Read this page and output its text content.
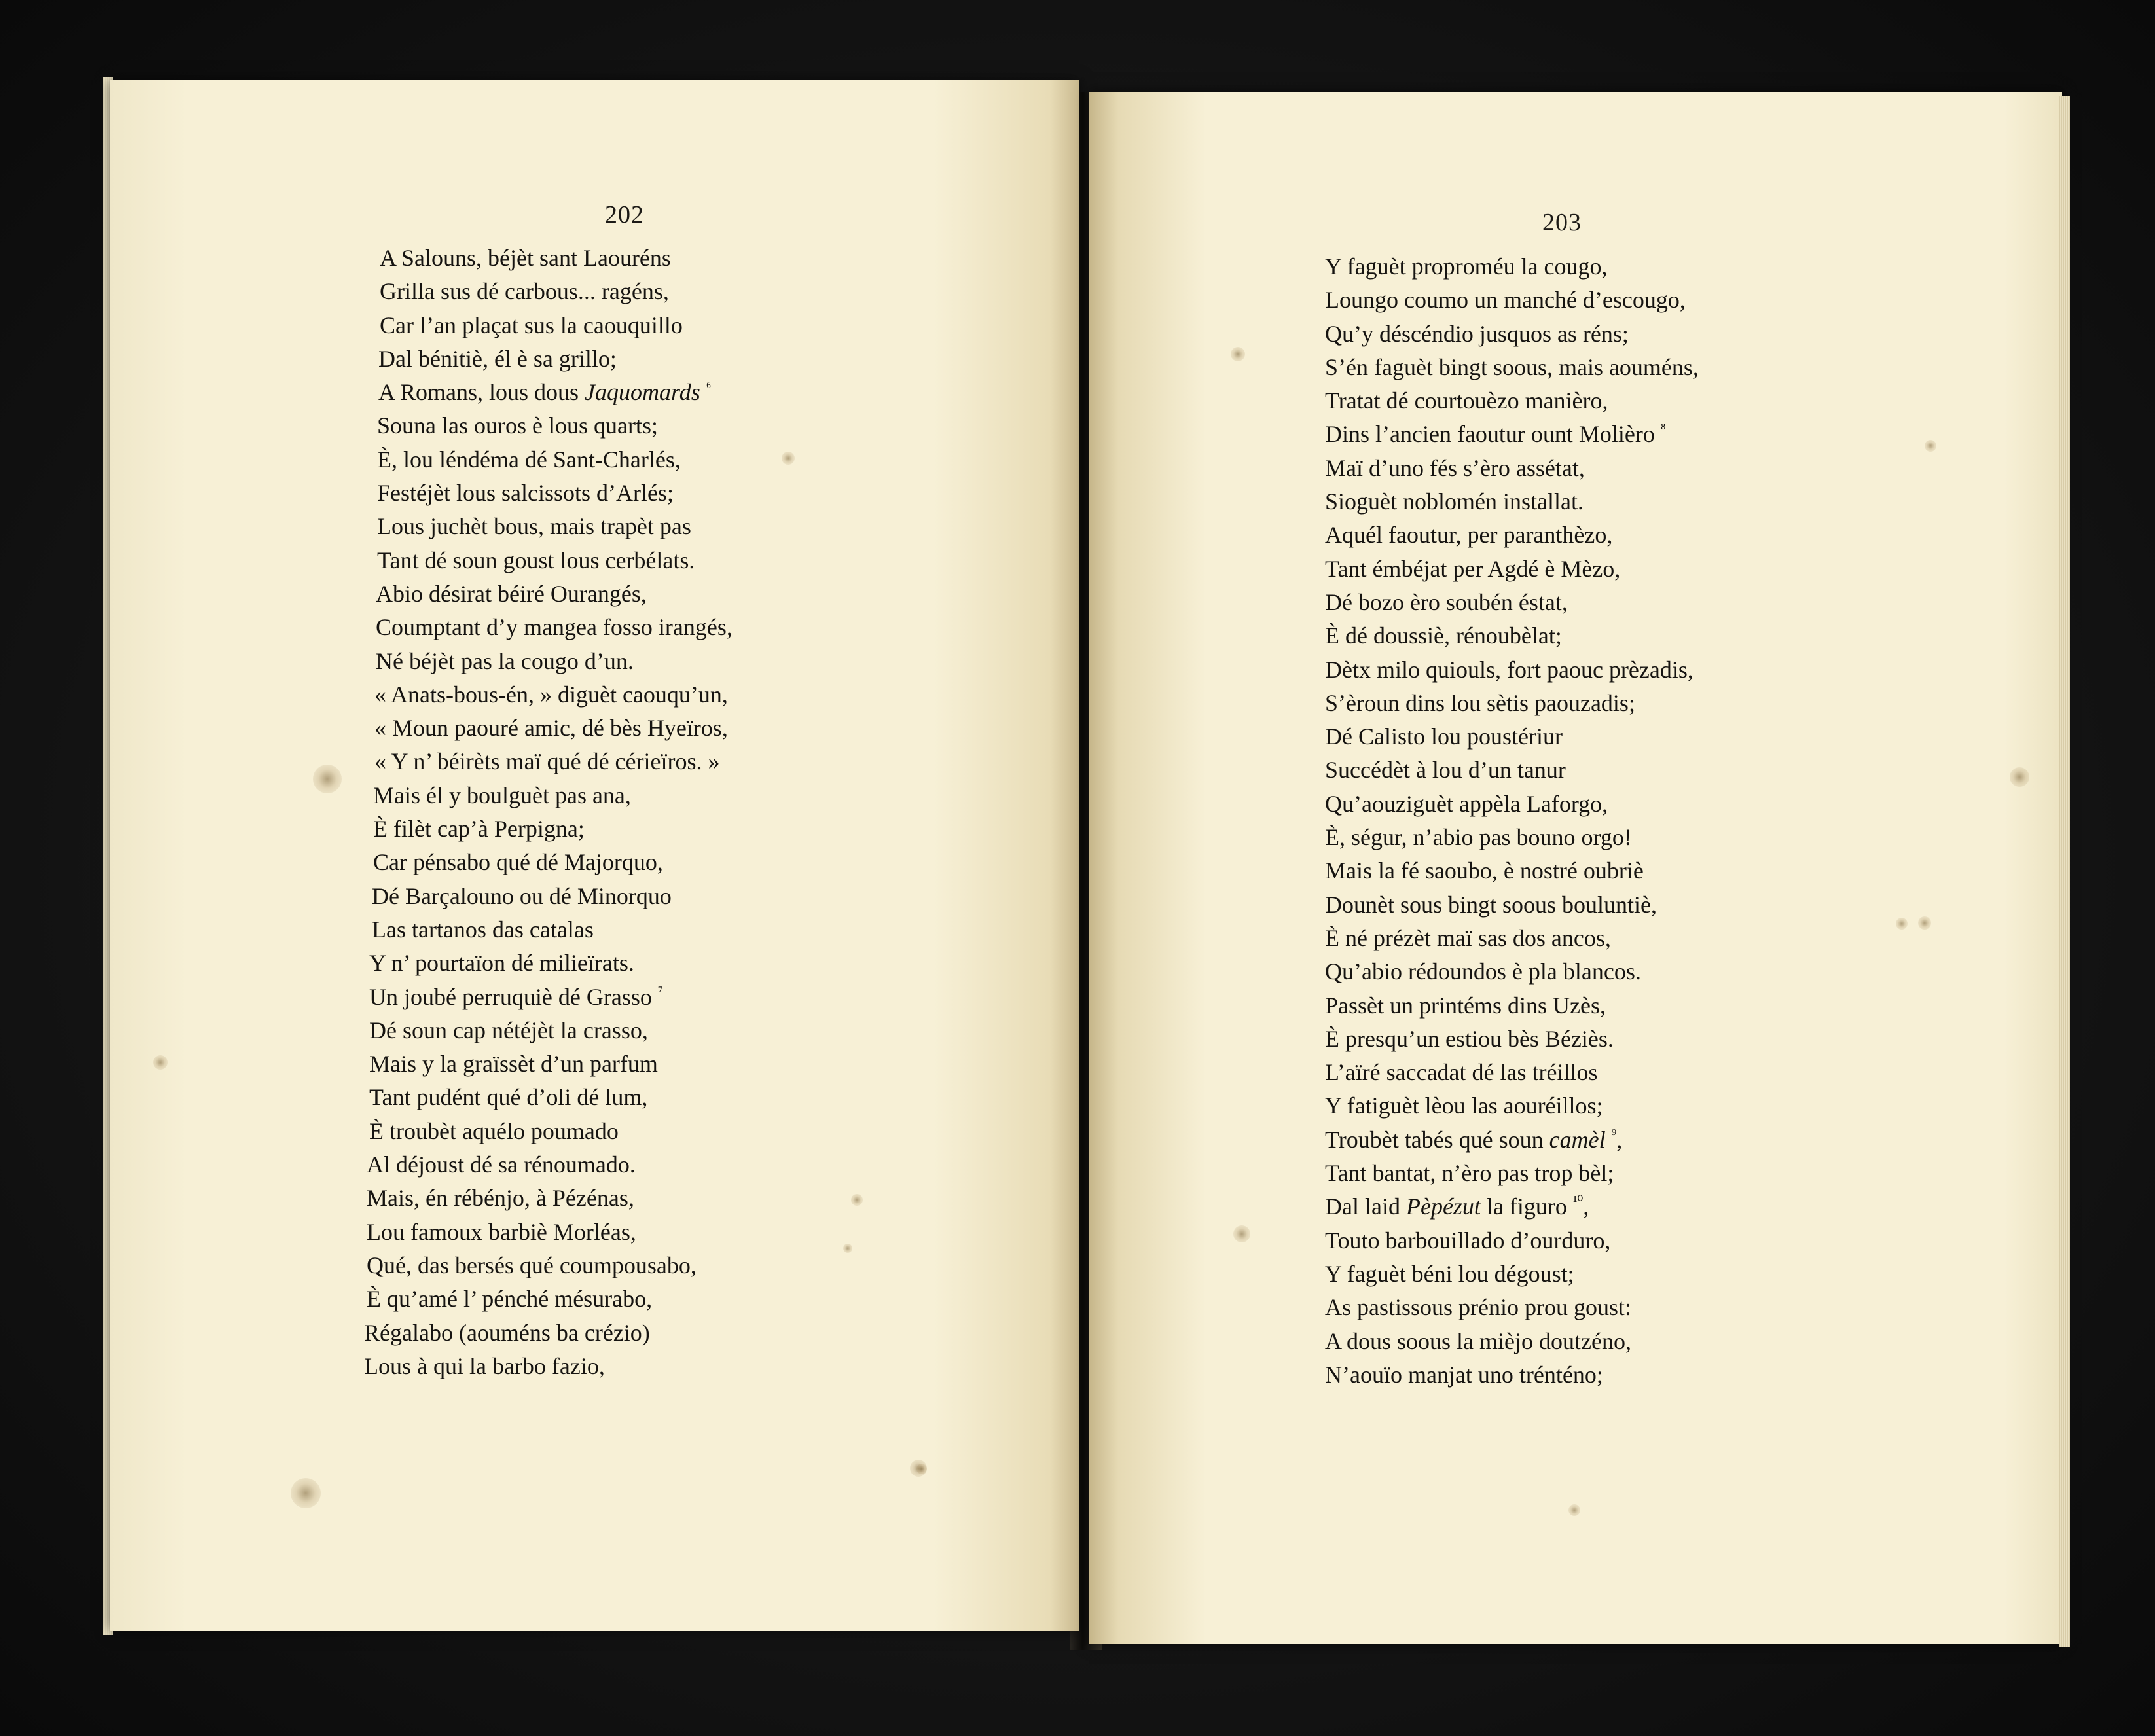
202
A Salouns, béjèt sant Laouréns
Grilla sus dé carbous... ragéns,
Car l’an plaçat sus la caouquillo
Dal bénitiè, él è sa grillo;
A Romans, lous dous Jaquomards $^{^6}$
Souna las ouros è lous quarts;
È, lou léndéma dé Sant-Charlés,
Festéjèt lous salcissots d’Arlés;
Lous juchèt bous, mais trapèt pas
Tant dé soun goust lous cerbélats.
Abio désirat béiré Ourangés,
Coumptant d’y mangea fosso irangés,
Né béjèt pas la cougo d’un.
« Anats-bous-én, » diguèt caouqu’un,
« Moun paouré amic, dé bès Hyeïros,
« Y n’ béirèts maï qué dé cérieïros. »
Mais él y boulguèt pas ana,
È filèt cap’à Perpigna;
Car pénsabo qué dé Majorquo,
Dé Barçalouno ou dé Minorquo
Las tartanos das catalas
Y n’ pourtaïon dé milieïrats.
Un joubé perruquiè dé Grasso $^{^7}$
Dé soun cap nétéjèt la crasso,
Mais y la graïssèt d’un parfum
Tant pudént qué d’oli dé lum,
È troubèt aquélo poumado
Al déjoust dé sa rénoumado.
Mais, én rébénjo, à Pézénas,
Lou famoux barbiè Morléas,
Qué, das bersés qué coumpousabo,
È qu’amé l’ pénché mésurabo,
Régalabo (aouméns ba crézio)
Lous à qui la barbo fazio,
203
Y faguèt proproméu la cougo,
Loungo coumo un manché d’escougo,
Qu’y déscéndio jusquos as réns;
S’én faguèt bingt soous, mais aouméns,
Tratat dé courtouèzo manièro,
Dins l’ancien faoutur ount Molièro $^{^8}$
Maï d’uno fés s’èro assétat,
Sioguèt noblomén installat.
Aquél faoutur, per paranthèzo,
Tant émbéjat per Agdé è Mèzo,
Dé bozo èro soubén éstat,
È dé doussiè, rénoubèlat;
Dètx milo quiouls, fort paouc prèzadis,
S’èroun dins lou sètis paouzadis;
Dé Calisto lou poustériur
Succédèt à lou d’un tanur
Qu’aouziguèt appèla Laforgo,
È, ségur, n’abio pas bouno orgo!
Mais la fé saoubo, è nostré oubriè
Dounèt sous bingt soous bouluntiè,
È né prézèt maï sas dos ancos,
Qu’abio rédoundos è pla blancos.
Passèt un printéms dins Uzès,
È presqu’un estiou bès Béziès.
L’aïré saccadat dé las tréillos
Y fatiguèt lèou las aouréillos;
Troubèt tabés qué soun camèl $^{^9}$,
Tant bantat, n’èro pas trop bèl;
Dal laid Pèpézut la figuro $^{^{10}}$,
Touto barbouillado d’ourduro,
Y faguèt béni lou dégoust;
As pastissous prénio prou goust:
A dous soous la mièjo doutzéno,
N’aouïo manjat uno trénténo;
